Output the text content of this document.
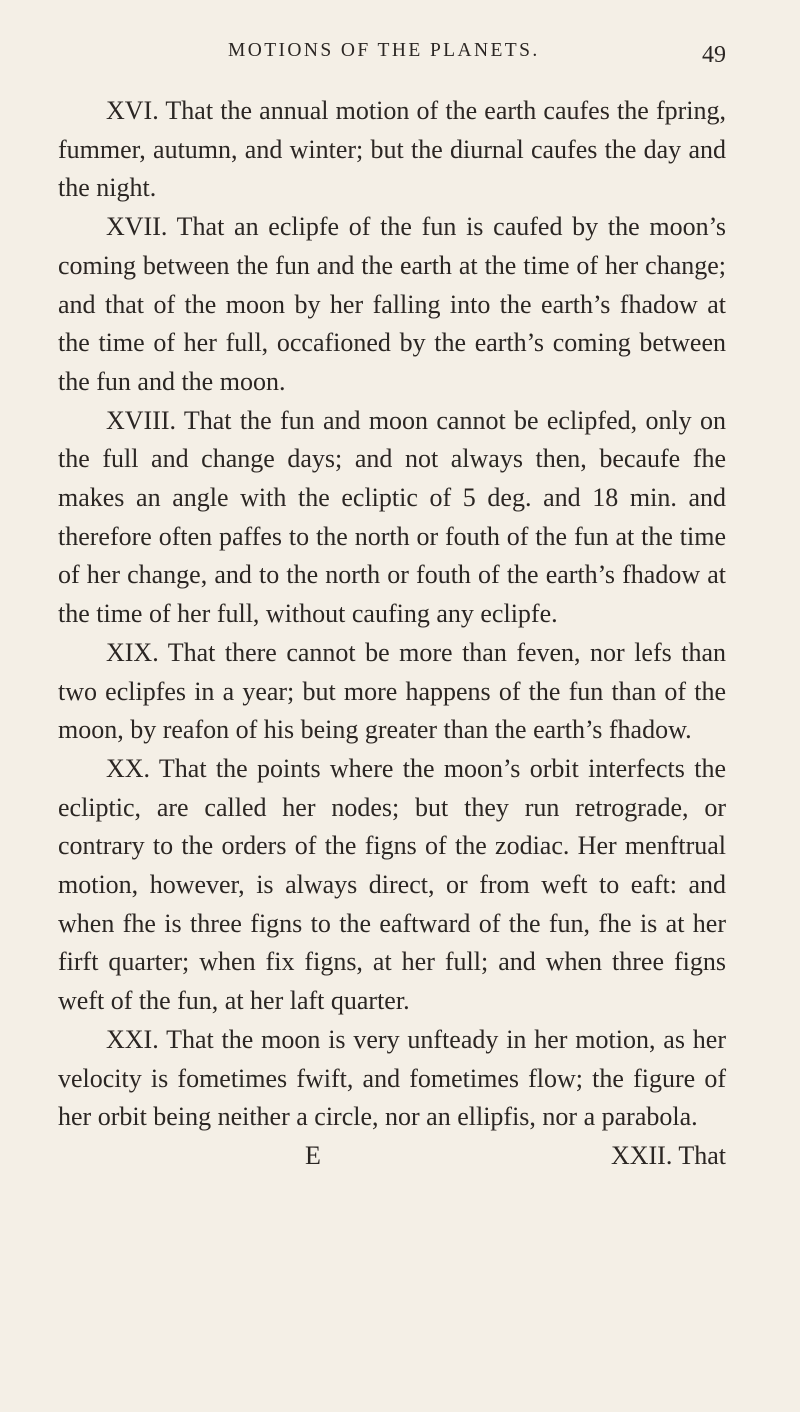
MOTIONS OF THE PLANETS.	49

XVI. That the annual motion of the earth caufes the fpring, fummer, autumn, and winter; but the diurnal caufes the day and the night.

XVII. That an eclipfe of the fun is caufed by the moon’s coming between the fun and the earth at the time of her change; and that of the moon by her falling into the earth’s fhadow at the time of her full, occafioned by the earth’s coming between the fun and the moon.

XVIII. That the fun and moon cannot be eclipfed, only on the full and change days; and not always then, becaufe fhe makes an angle with the ecliptic of 5 deg. and 18 min. and therefore often paffes to the north or fouth of the fun at the time of her change, and to the north or fouth of the earth’s fhadow at the time of her full, without caufing any eclipfe.

XIX. That there cannot be more than feven, nor lefs than two eclipfes in a year; but more happens of the fun than of the moon, by reafon of his being greater than the earth’s fhadow.

XX. That the points where the moon’s orbit interfects the ecliptic, are called her nodes; but they run retrograde, or contrary to the orders of the figns of the zodiac. Her menftrual motion, however, is always direct, or from weft to eaft: and when fhe is three figns to the eaftward of the fun, fhe is at her firft quarter; when fix figns, at her full; and when three figns weft of the fun, at her laft quarter.

XXI. That the moon is very unfteady in her motion, as her velocity is fometimes fwift, and fometimes flow; the figure of her orbit being neither a circle, nor an ellipfis, nor a parabola.

E	XXII. That
